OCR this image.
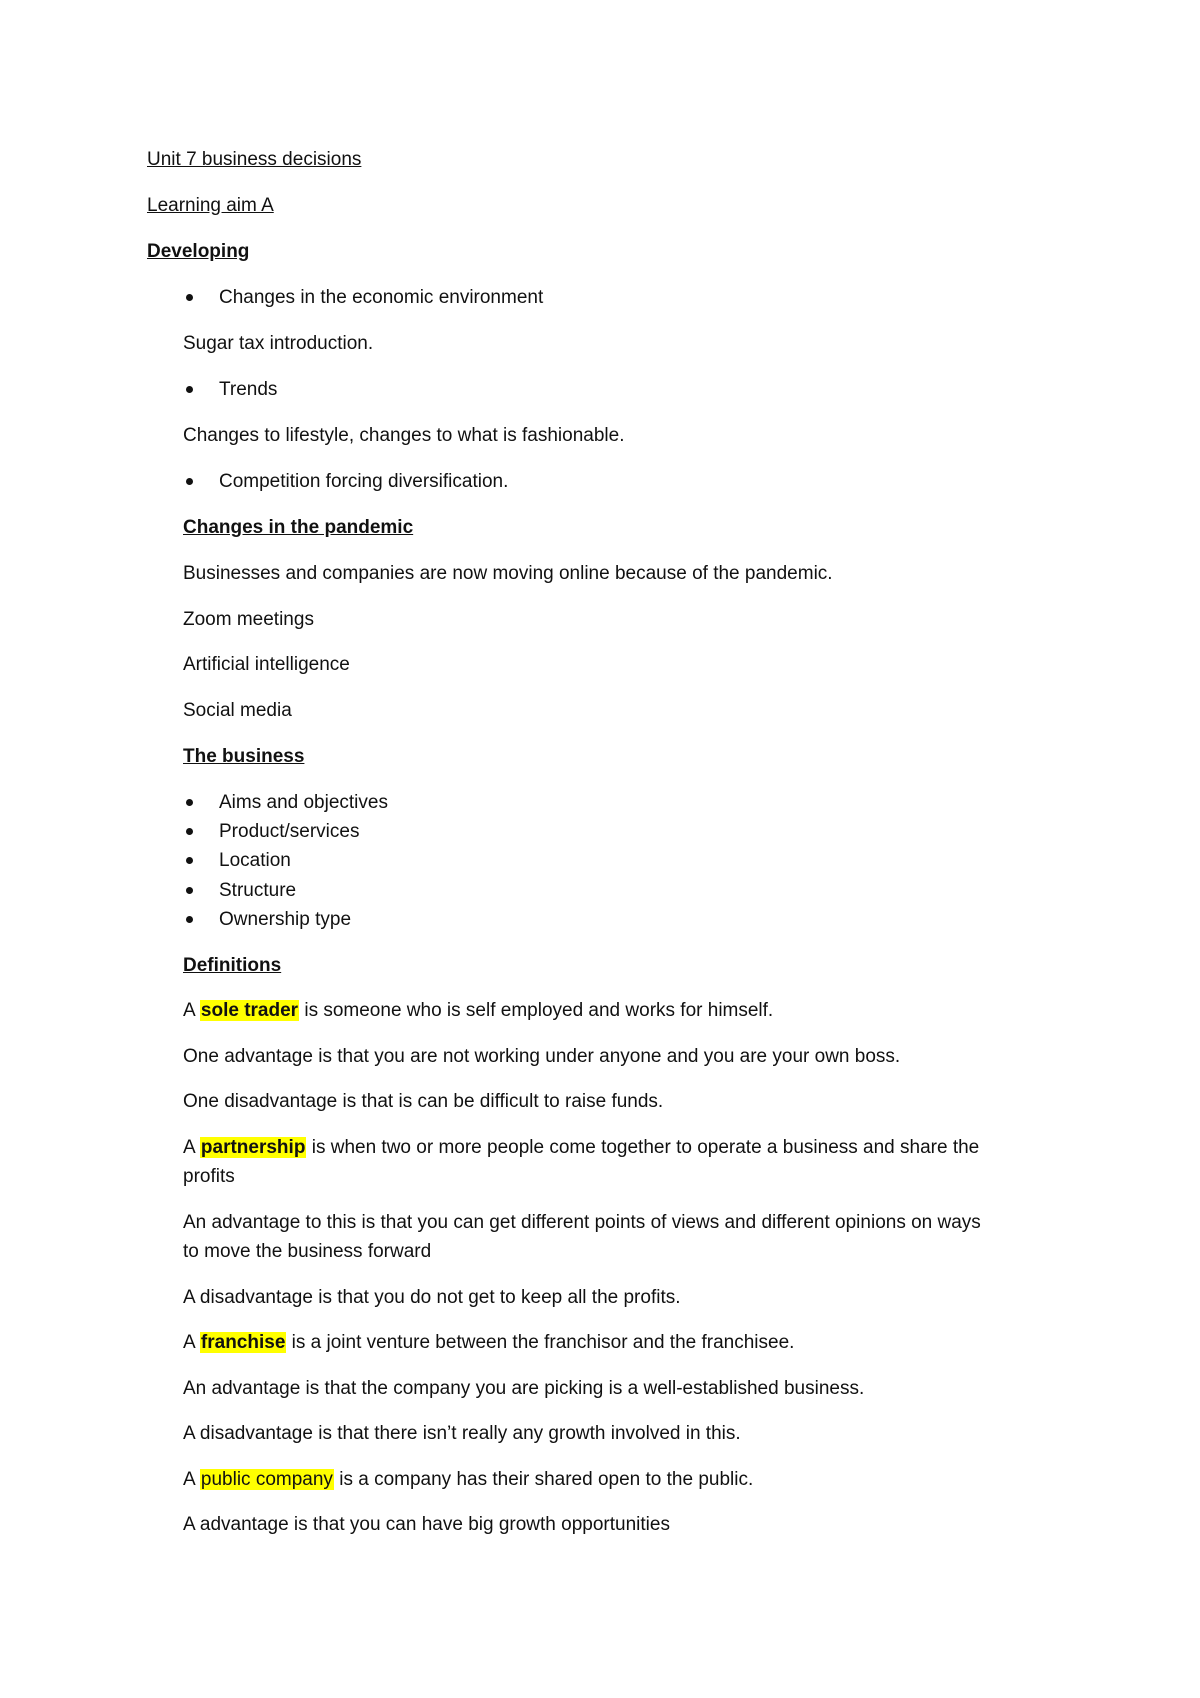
Unit 7 business decisions

Learning aim A

Developing

Changes in the economic environment

Sugar tax introduction.

Trends

Changes to lifestyle, changes to what is fashionable.

Competition forcing diversification.

Changes in the pandemic

Businesses and companies are now moving online because of the pandemic.

Zoom meetings

Artificial intelligence

Social media

The business

Aims and objectives

Product/services

Location

Structure

Ownership type

Definitions

A sole trader is someone who is self employed and works for himself.

One advantage is that you are not working under anyone and you are your own boss.

One disadvantage is that is can be difficult to raise funds.

A partnership is when two or more people come together to operate a business and share the

profits

An advantage to this is that you can get different points of views and different opinions on ways

to move the business forward

A disadvantage is that you do not get to keep all the profits.

A franchise is a joint venture between the franchisor and the franchisee.

An advantage is that the company you are picking is a well-established business.

A disadvantage is that there isn’t really any growth involved in this.

A public company is a company has their shared open to the public.

A advantage is that you can have big growth opportunities
